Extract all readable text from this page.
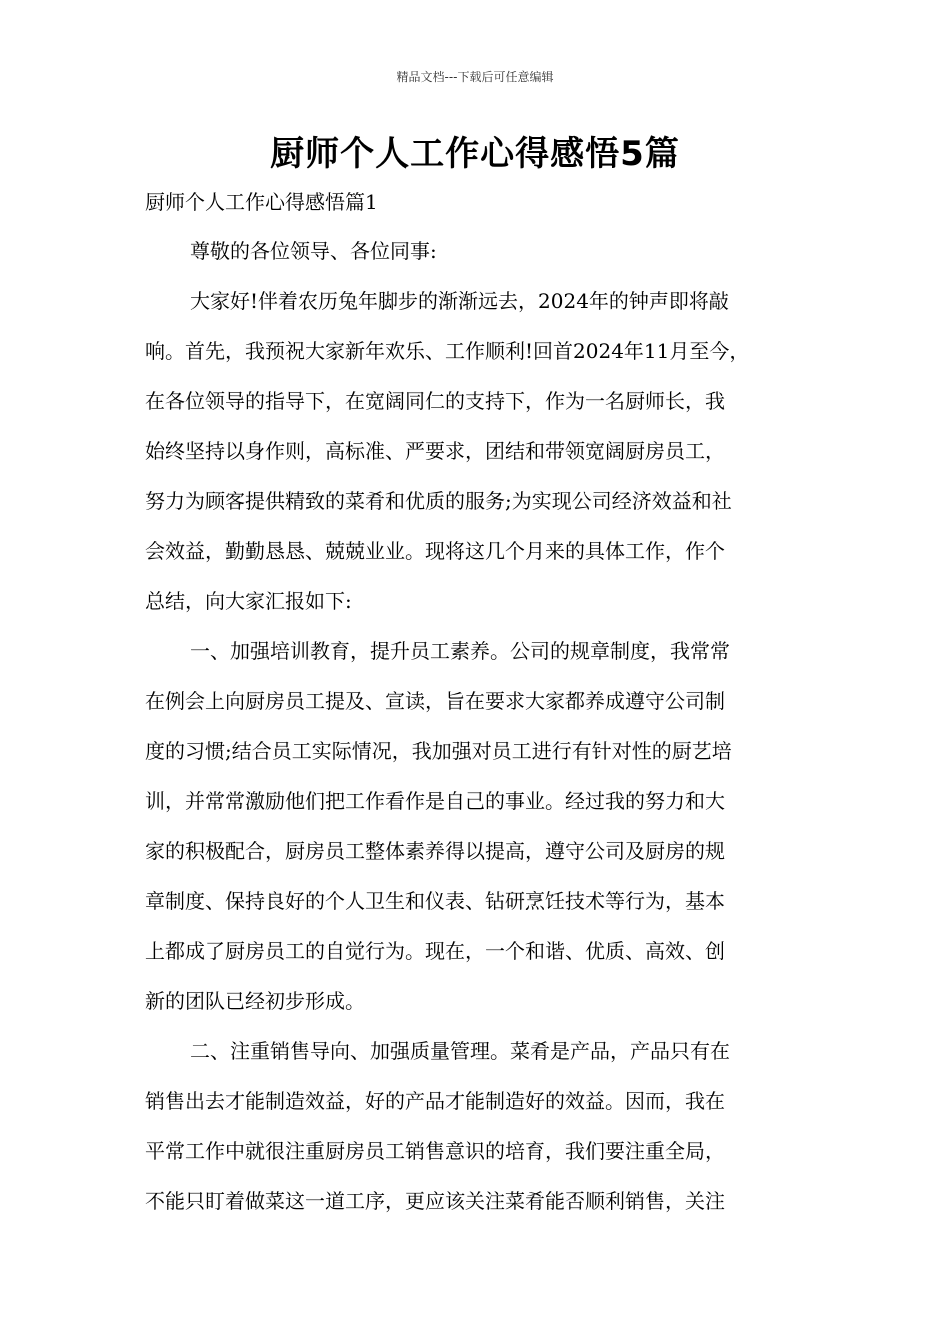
精品文档---下载后可任意编辑
厨师个人工作心得感悟5篇
厨师个人工作心得感悟篇1
尊敬的各位领导、各位同事:
大家好!伴着农历兔年脚步的渐渐远去，2024年的钟声即将敲
响。首先，我预祝大家新年欢乐、工作顺利!回首2024年11月至今，
在各位领导的指导下，在宽阔同仁的支持下，作为一名厨师长，我
始终坚持以身作则，高标准、严要求，团结和带领宽阔厨房员工，
努力为顾客提供精致的菜肴和优质的服务;为实现公司经济效益和社
会效益，勤勤恳恳、兢兢业业。现将这几个月来的具体工作，作个
总结，向大家汇报如下:
一、加强培训教育，提升员工素养。公司的规章制度，我常常
在例会上向厨房员工提及、宣读，旨在要求大家都养成遵守公司制
度的习惯;结合员工实际情况，我加强对员工进行有针对性的厨艺培
训，并常常激励他们把工作看作是自己的事业。经过我的努力和大
家的积极配合，厨房员工整体素养得以提高，遵守公司及厨房的规
章制度、保持良好的个人卫生和仪表、钻研烹饪技术等行为，基本
上都成了厨房员工的自觉行为。现在，一个和谐、优质、高效、创
新的团队已经初步形成。
二、注重销售导向、加强质量管理。菜肴是产品，产品只有在
销售出去才能制造效益，好的产品才能制造好的效益。因而，我在
平常工作中就很注重厨房员工销售意识的培育，我们要注重全局，
不能只盯着做菜这一道工序，更应该关注菜肴能否顺利销售，关注
